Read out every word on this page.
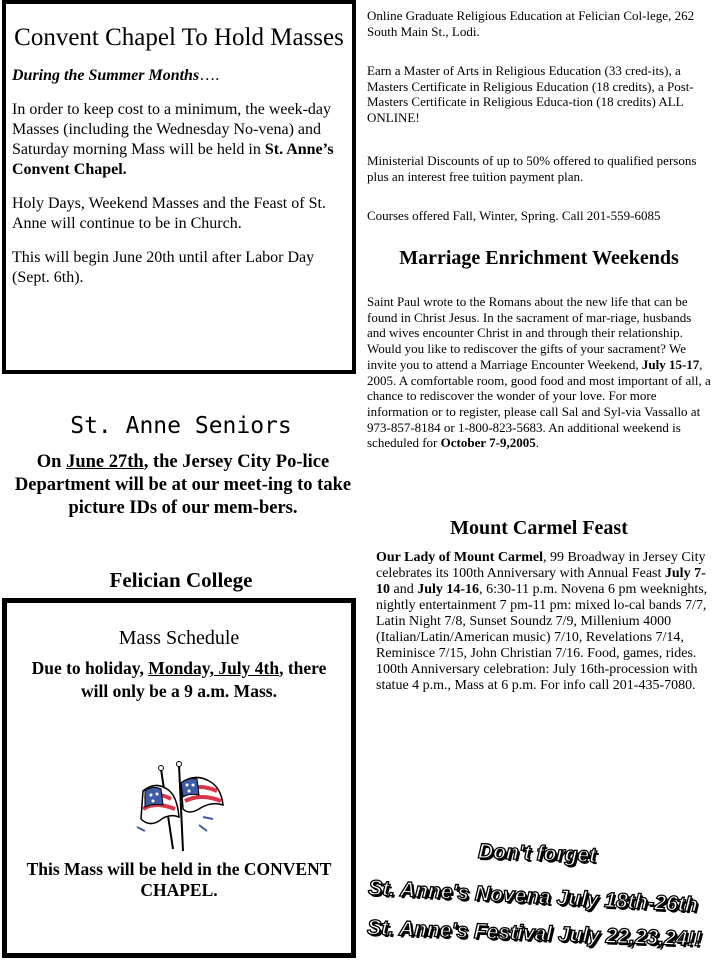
Convent Chapel To Hold Masses

During the Summer Months….

In order to keep cost to a minimum, the week-day Masses (including the Wednesday No-vena) and Saturday morning Mass will be held in St. Anne’s Convent Chapel.

Holy Days, Weekend Masses and the Feast of St. Anne will continue to be in Church.

This will begin June 20th until after Labor Day (Sept. 6th).

St. Anne Seniors
On June 27th, the Jersey City Po-lice Department will be at our meet-ing to take picture IDs of our mem-bers.
Felician College
Mass Schedule
Due to holiday, Monday, July 4th, there will only be a 9 a.m. Mass.
This Mass will be held in the CONVENT CHAPEL.

Online Graduate Religious Education at Felician Col-lege, 262 South Main St., Lodi.

Earn a Master of Arts in Religious Education (33 cred-its), a Masters Certificate in Religious Education (18 credits), a Post-Masters Certificate in Religious Educa-tion (18 credits) ALL ONLINE!

Ministerial Discounts of up to 50% offered to qualified persons plus an interest free tuition payment plan.

Courses offered Fall, Winter, Spring. Call 201-559-6085

Marriage Enrichment Weekends

Saint Paul wrote to the Romans about the new life that can be found in Christ Jesus. In the sacrament of mar-riage, husbands and wives encounter Christ in and through their relationship. Would you like to rediscover the gifts of your sacrament? We invite you to attend a Marriage Encounter Weekend, July 15-17, 2005. A comfortable room, good food and most important of all, a chance to rediscover the wonder of your love. For more information or to register, please call Sal and Syl-via Vassallo at 973-857-8184 or 1-800-823-5683. An additional weekend is scheduled for October 7-9,2005.

Mount Carmel Feast

Our Lady of Mount Carmel, 99 Broadway in Jersey City celebrates its 100th Anniversary with Annual Feast July 7-10 and July 14-16, 6:30-11 p.m. Novena 6 pm weeknights, nightly entertainment 7 pm-11 pm: mixed lo-cal bands 7/7, Latin Night 7/8, Sunset Soundz 7/9, Millenium 4000 (Italian/Latin/American music) 7/10, Revelations 7/14, Reminisce 7/15, John Christian 7/16. Food, games, rides. 100th Anniversary celebration: July 16th-procession with statue 4 p.m., Mass at 6 p.m. For info call 201-435-7080.

Don't forget
St. Anne's Novena July 18th-26th
St. Anne's Festival July 22,23,24!!
